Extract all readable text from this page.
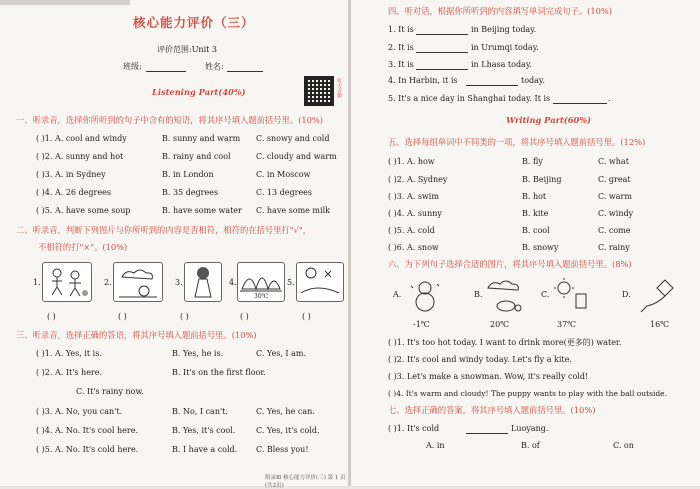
核心能力评价（三）
评价范围:Unit 3
班级:	姓名:
听力音频
Listening Part(40%)
一、听录音，选择你所听到的句子中含有的短语，将其序号填入题前括号里。(10%)
( )1. A. cool and windy	B. sunny and warm C. snowy and cold
( )2. A. sunny and hot	B. rainy and cool	C. cloudy and warm
( )3. A. in Sydney	B. in London	C. in Moscow
( )4. A. 26 degrees	B. 35 degrees	C. 13 degrees
( )5. A. have some soup	B. have some water C. have some milk
二、听录音，判断下列图片与你所听到的内容是否相符，相符的在括号里打"√"，
不相符的打"×"。(10%)
1.	2.	3.	4.
30℃
5.
( )	( )	( )	( )	( )
三、听录音，选择正确的答语，将其序号填入题前括号里。(10%)
( )1. A. Yes, it is.	B. Yes, he is.	C. Yes, I am.
( )2. A. It's here.	B. It's on the first floor.
C. It's rainy now.
( )3. A. No, you can't.	B. No, I can't.	C. Yes, he can.
( )4. A. No. It's cool here.	B. Yes, it's cool.	C. Yes, it's cold.
( )5. A. No. It's cold here.	B. I have a cold. C. Bless you!
附录Ⅲ 核心能力评价(三) 第 1 页(共2页)
四、听对话，根据你所听到的内容填写单词完成句子。(10%)
1. It is	in Beijing today.
2. It is	in Urumqi today.
3. It is	in Lhasa today.
4. In Harbin, it is	today.
5. It's a nice day in Shanghai today. It is	.
Writing Part(60%)
五、选择每组单词中不同类的一项，将其序号填入题前括号里。(12%)
( )1. A. how	B. fly	C. what
( )2. A. Sydney	B. Beijing	C. great
( )3. A. swim	B. hot	C. warm
( )4. A. sunny	B. kite	C. windy
( )5. A. cold	B. cool	C. come
( )6. A. snow	B. snowy	C. rainy
六、为下列句子选择合适的图片，将其序号填入题前括号里。(8%)
A.
-1℃
B.
20℃
C.
37℃
D.
16℃
( )1. It's too hot today. I want to drink more(更多的) water.
( )2. It's cool and windy today. Let's fly a kite.
( )3. Let's make a snowman. Wow, it's really cold!
( )4. It's warm and cloudy! The puppy wants to play with the ball outside.
七、选择正确的答案，将其序号填入题前括号里。(10%)
( )1. It's cold	Luoyang.
A. in	B. of	C. on
